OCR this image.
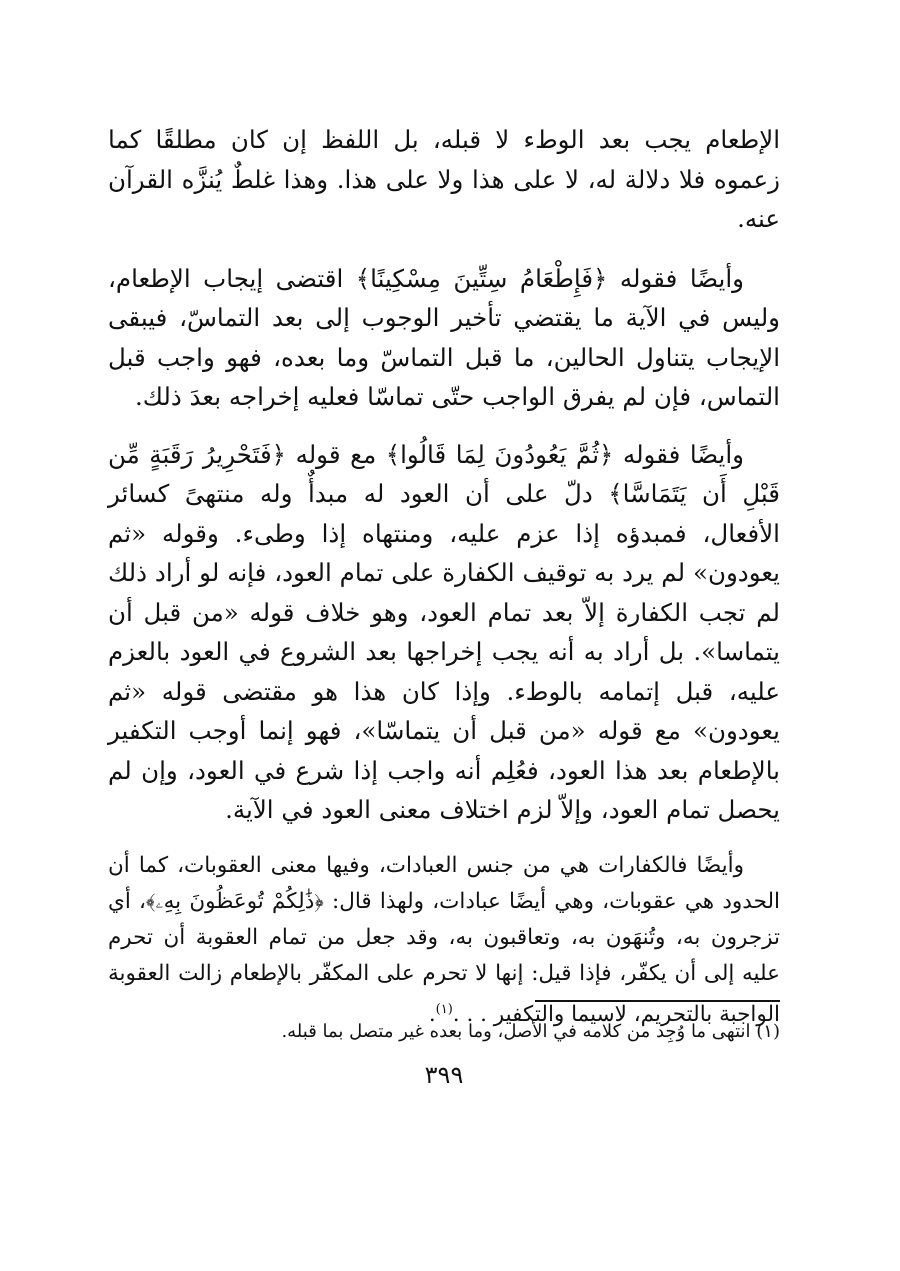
الإطعام يجب بعد الوطء لا قبله، بل اللفظ إن كان مطلقًا كما زعموه فلا دلالة له، لا على هذا ولا على هذا. وهذا غلطٌ يُنزَّه القرآن عنه.

وأيضًا فقوله ﴿فَإِطْعَامُ سِتِّينَ مِسْكِينًا﴾ اقتضى إيجاب الإطعام، وليس في الآية ما يقتضي تأخير الوجوب إلى بعد التماسّ، فيبقى الإيجاب يتناول الحالين، ما قبل التماسّ وما بعده، فهو واجب قبل التماس، فإن لم يفرق الواجب حتّى تماسّا فعليه إخراجه بعدَ ذلك.

وأيضًا فقوله ﴿ثُمَّ يَعُودُونَ لِمَا قَالُوا﴾ مع قوله ﴿فَتَحْرِيرُ رَقَبَةٍ مِّن قَبْلِ أَن يَتَمَاسَّا﴾ دلّ على أن العود له مبدأٌ وله منتهىً كسائر الأفعال، فمبدؤه إذا عزم عليه، ومنتهاه إذا وطىء. وقوله «ثم يعودون» لم يرد به توقيف الكفارة على تمام العود، فإنه لو أراد ذلك لم تجب الكفارة إلاّ بعد تمام العود، وهو خلاف قوله «من قبل أن يتماسا». بل أراد به أنه يجب إخراجها بعد الشروع في العود بالعزم عليه، قبل إتمامه بالوطء. وإذا كان هذا هو مقتضى قوله «ثم يعودون» مع قوله «من قبل أن يتماسّا»، فهو إنما أوجب التكفير بالإطعام بعد هذا العود، فعُلِم أنه واجب إذا شرع في العود، وإن لم يحصل تمام العود، وإلاّ لزم اختلاف معنى العود في الآية.

وأيضًا فالكفارات هي من جنس العبادات، وفيها معنى العقوبات، كما أن الحدود هي عقوبات، وهي أيضًا عبادات، ولهذا قال: ﴿ذَٰلِكُمْ تُوعَظُونَ بِهِۦ﴾، أي تزجرون به، وتُنهَون به، وتعاقبون به، وقد جعل من تمام العقوبة أن تحرم عليه إلى أن يكفّر، فإذا قيل: إنها لا تحرم على المكفّر بالإطعام زالت العقوبة الواجبة بالتحريم، لاسيما والتكفير . . .$^{(١)}$.

(١) انتهى ما وُجِد من كلامه في الأصل، وما بعده غير متصل بما قبله.
٣٩٩
